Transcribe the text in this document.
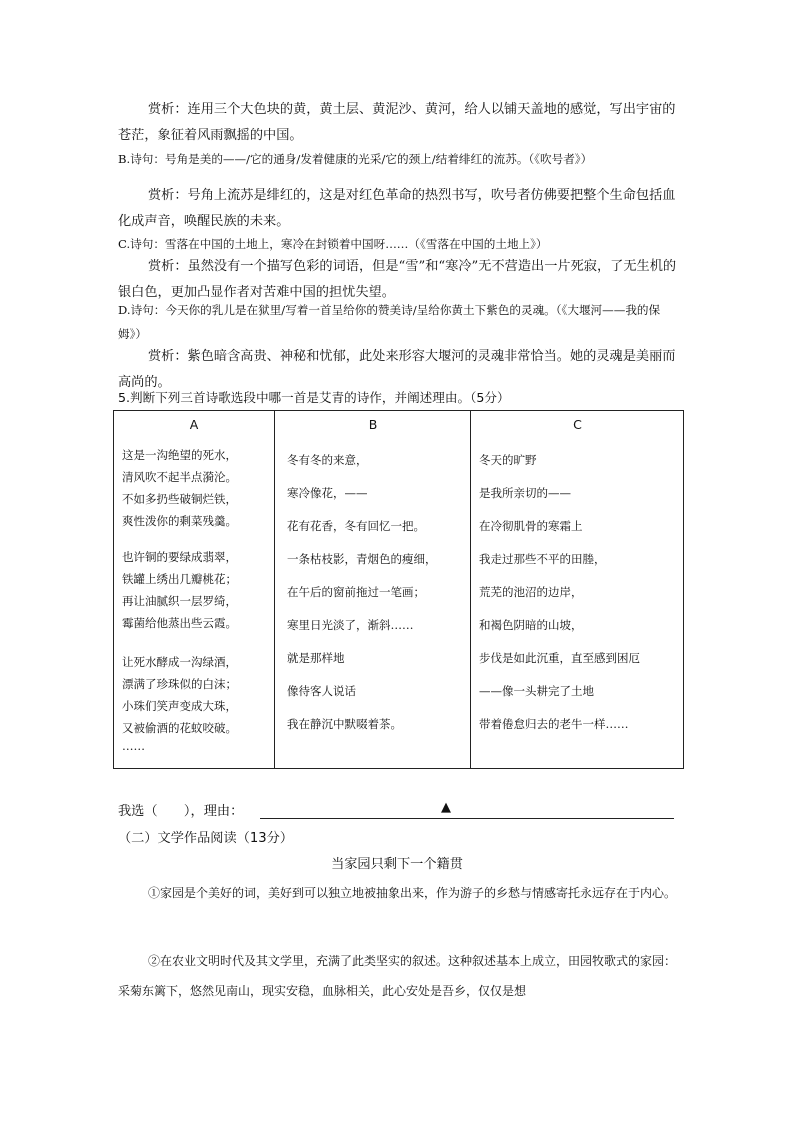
赏析：连用三个大色块的黄，黄土层、黄泥沙、黄河，给人以铺天盖地的感觉，写出宇宙的苍茫，象征着风雨飘摇的中国。
B.诗句：号角是美的——/它的通身/发着健康的光采/它的颈上/结着绯红的流苏。（《吹号者》）
赏析：号角上流苏是绯红的，这是对红色革命的热烈书写，吹号者仿佛要把整个生命包括血化成声音，唤醒民族的未来。
C.诗句：雪落在中国的土地上，寒冷在封锁着中国呀……（《雪落在中国的土地上》）
赏析：虽然没有一个描写色彩的词语，但是“雪”和“寒冷”无不营造出一片死寂，了无生机的银白色，更加凸显作者对苦难中国的担忧失望。
D.诗句：今天你的乳儿是在狱里/写着一首呈给你的赞美诗/呈给你黄土下紫色的灵魂。（《大堰河——我的保姆》）
赏析：紫色暗含高贵、神秘和忧郁，此处来形容大堰河的灵魂非常恰当。她的灵魂是美丽而高尚的。
5.判断下列三首诗歌选段中哪一首是艾青的诗作，并阐述理由。（5分）
A
这是一沟绝望的死水，
清风吹不起半点漪沦。
不如多扔些破铜烂铁，
爽性泼你的剩菜残羹。
也许铜的要绿成翡翠，
铁罐上绣出几瓣桃花；
再让油腻织一层罗绮，
霉菌给他蒸出些云霞。
让死水酵成一沟绿酒，
漂满了珍珠似的白沫；
小珠们笑声变成大珠，
又被偷酒的花蚊咬破。
……
B
冬有冬的来意，
寒冷像花，——
花有花香，冬有回忆一把。
一条枯枝影，青烟色的瘦细，
在午后的窗前拖过一笔画；
寒里日光淡了，渐斜……
就是那样地
像待客人说话
我在静沉中默啜着茶。
C
冬天的旷野
是我所亲切的——
在冷彻肌骨的寒霜上
我走过那些不平的田塍，
荒芜的池沼的边岸，
和褐色阴暗的山坡，
步伐是如此沉重，直至感到困厄
——像一头耕完了土地
带着倦怠归去的老牛一样……
我选（　　），理由：	▲
（二）文学作品阅读（13分）
当家园只剩下一个籍贯
①家园是个美好的词，美好到可以独立地被抽象出来，作为游子的乡愁与情感寄托永远存在于内心。
②在农业文明时代及其文学里，充满了此类坚实的叙述。这种叙述基本上成立，田园牧歌式的家园：采菊东篱下，悠然见南山，现实安稳，血脉相关，此心安处是吾乡，仅仅是想
